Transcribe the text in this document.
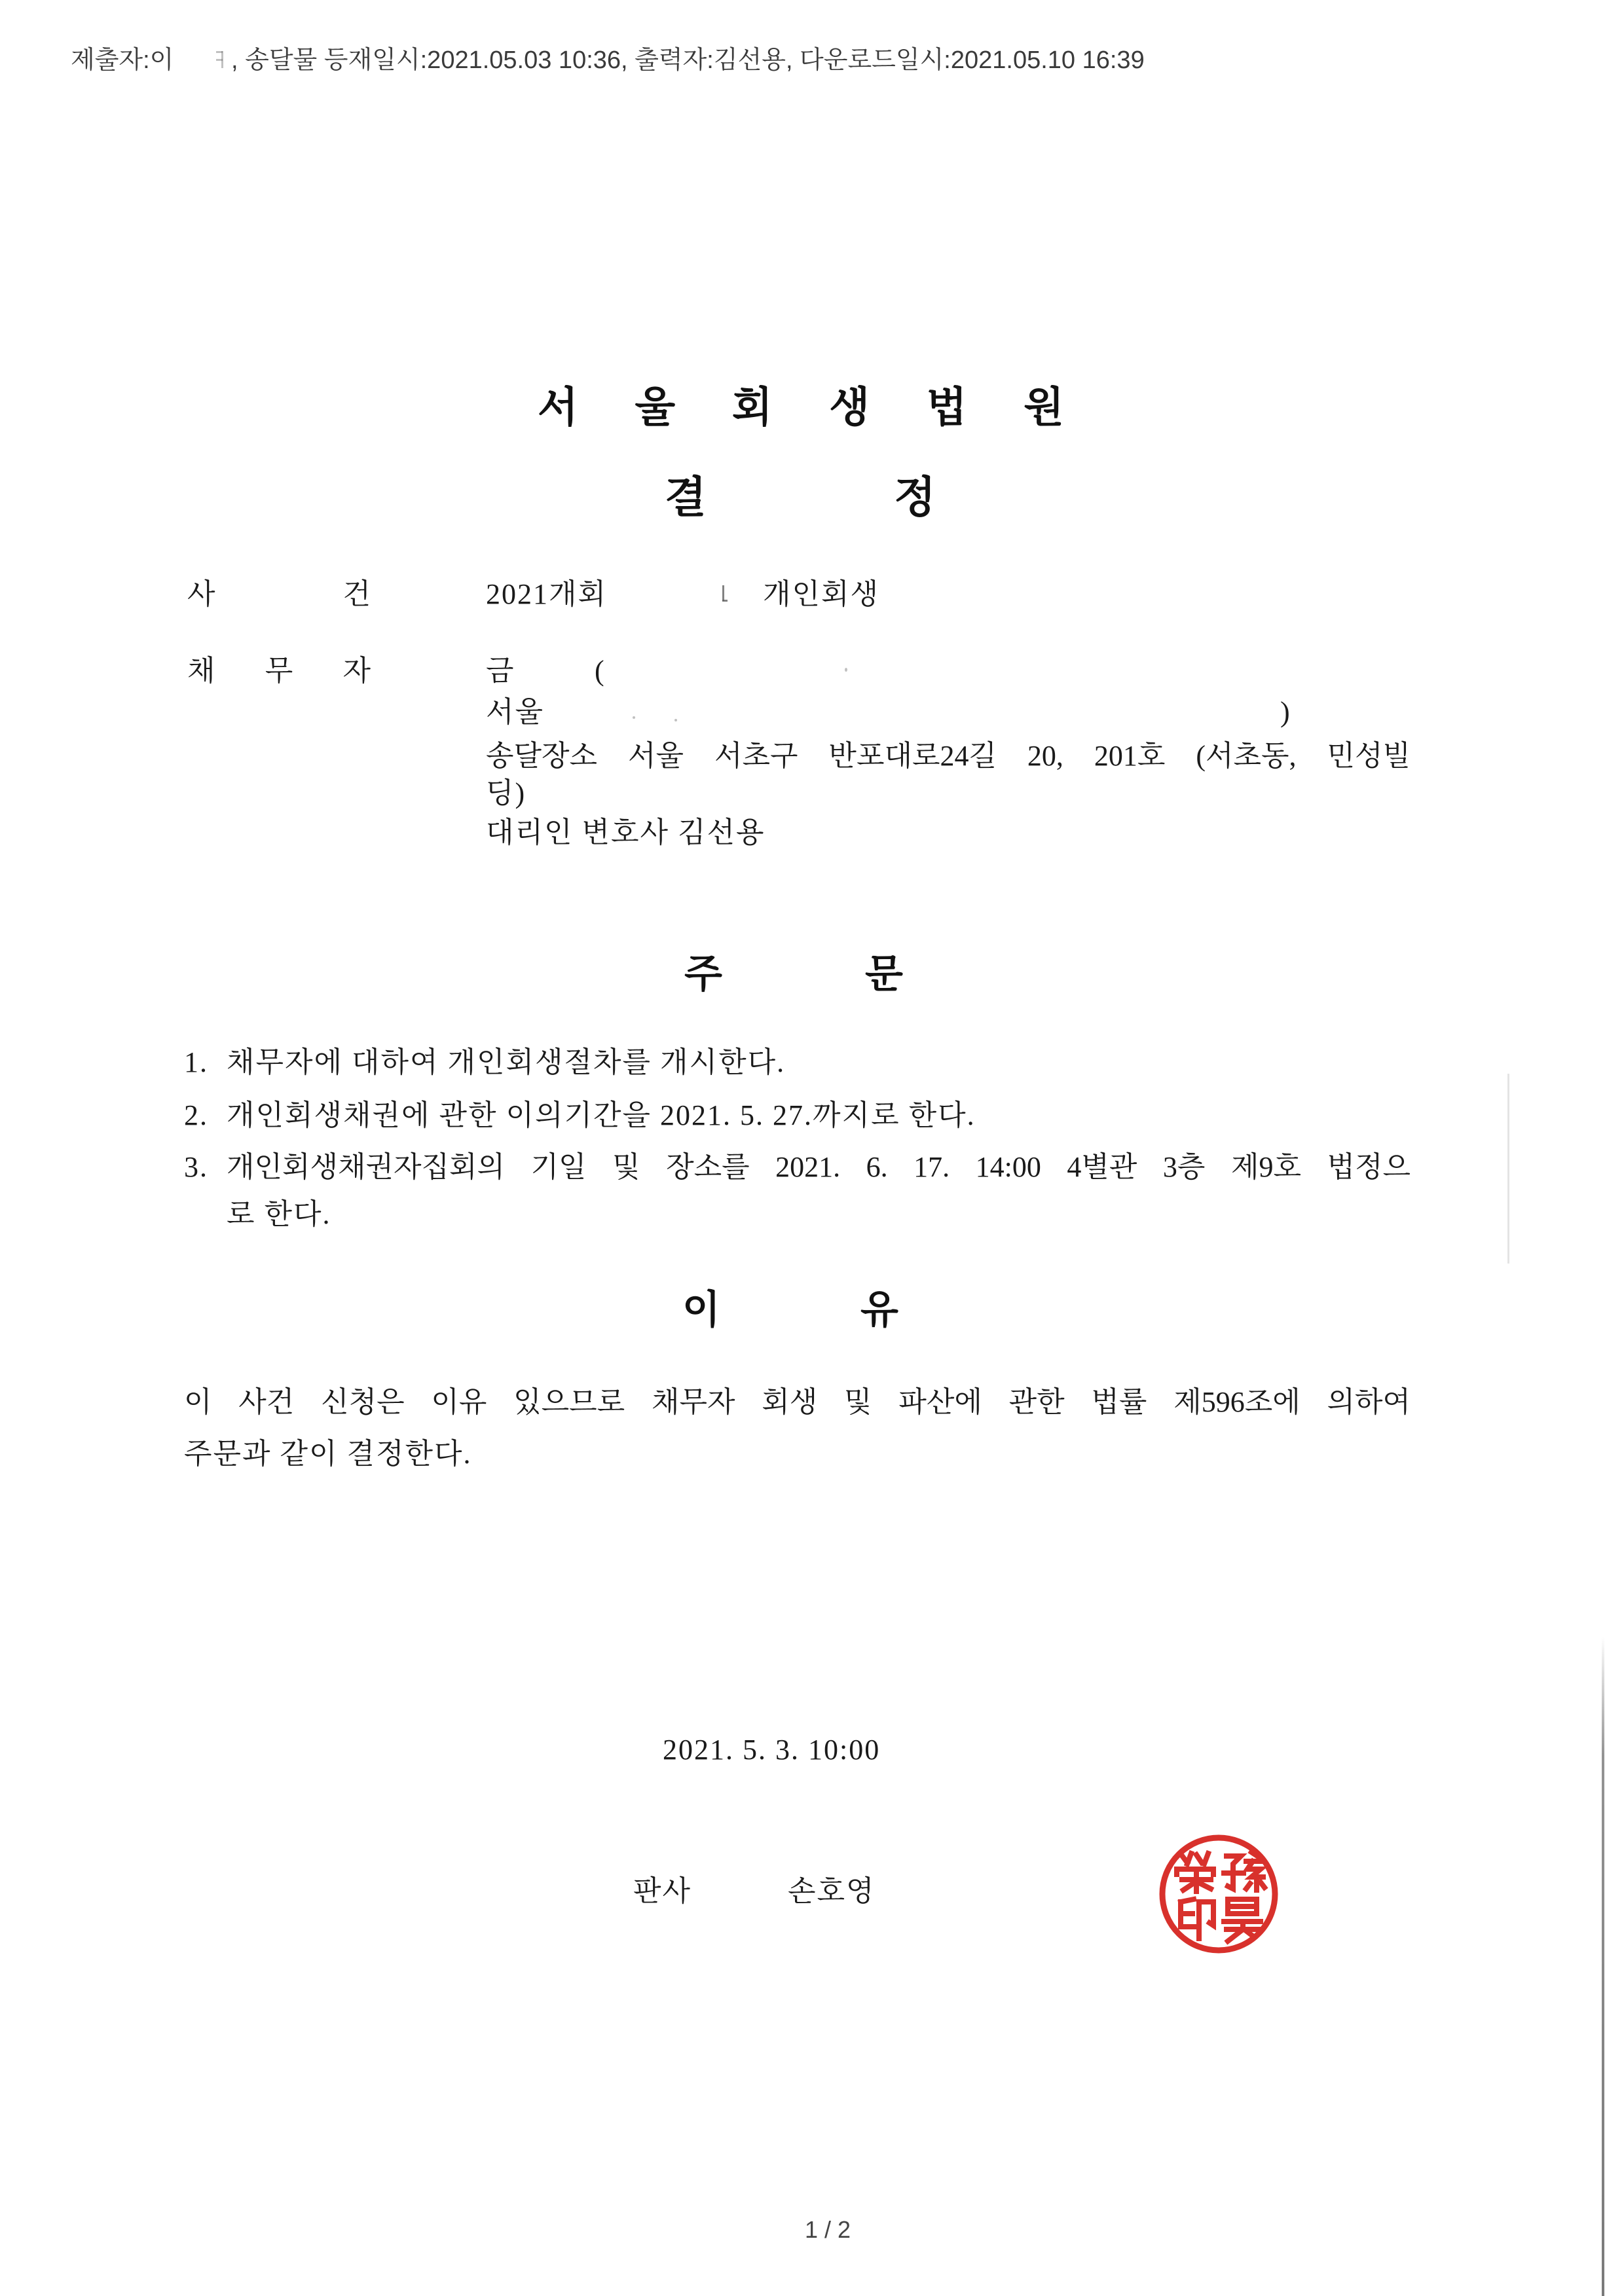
제출자:이 , 송달물 등재일시:2021.05.03 10:36, 출력자:김선용, 다운로드일시:2021.05.10 16:39
서 울 회 생 법 원
결 정
사 건	2021개회	개인회생
채 무 자	금	(
서울	)
송달장소 서울 서초구 반포대로24길 20, 201호 (서초동, 민성빌
딩)
대리인 변호사 김선용
주 문
1. 채무자에 대하여 개인회생절차를 개시한다.
2. 개인회생채권에 관한 이의기간을 2021. 5. 27.까지로 한다.
3. 개인회생채권자집회의 기일 및 장소를 2021. 6. 17. 14:00 4별관 3층 제9호 법정으
로 한다.
이 유
이 사건 신청은 이유 있으므로 채무자 회생 및 파산에 관한 법률 제596조에 의하여
주문과 같이 결정한다.
2021. 5. 3. 10:00
판사	손호영
1 / 2
